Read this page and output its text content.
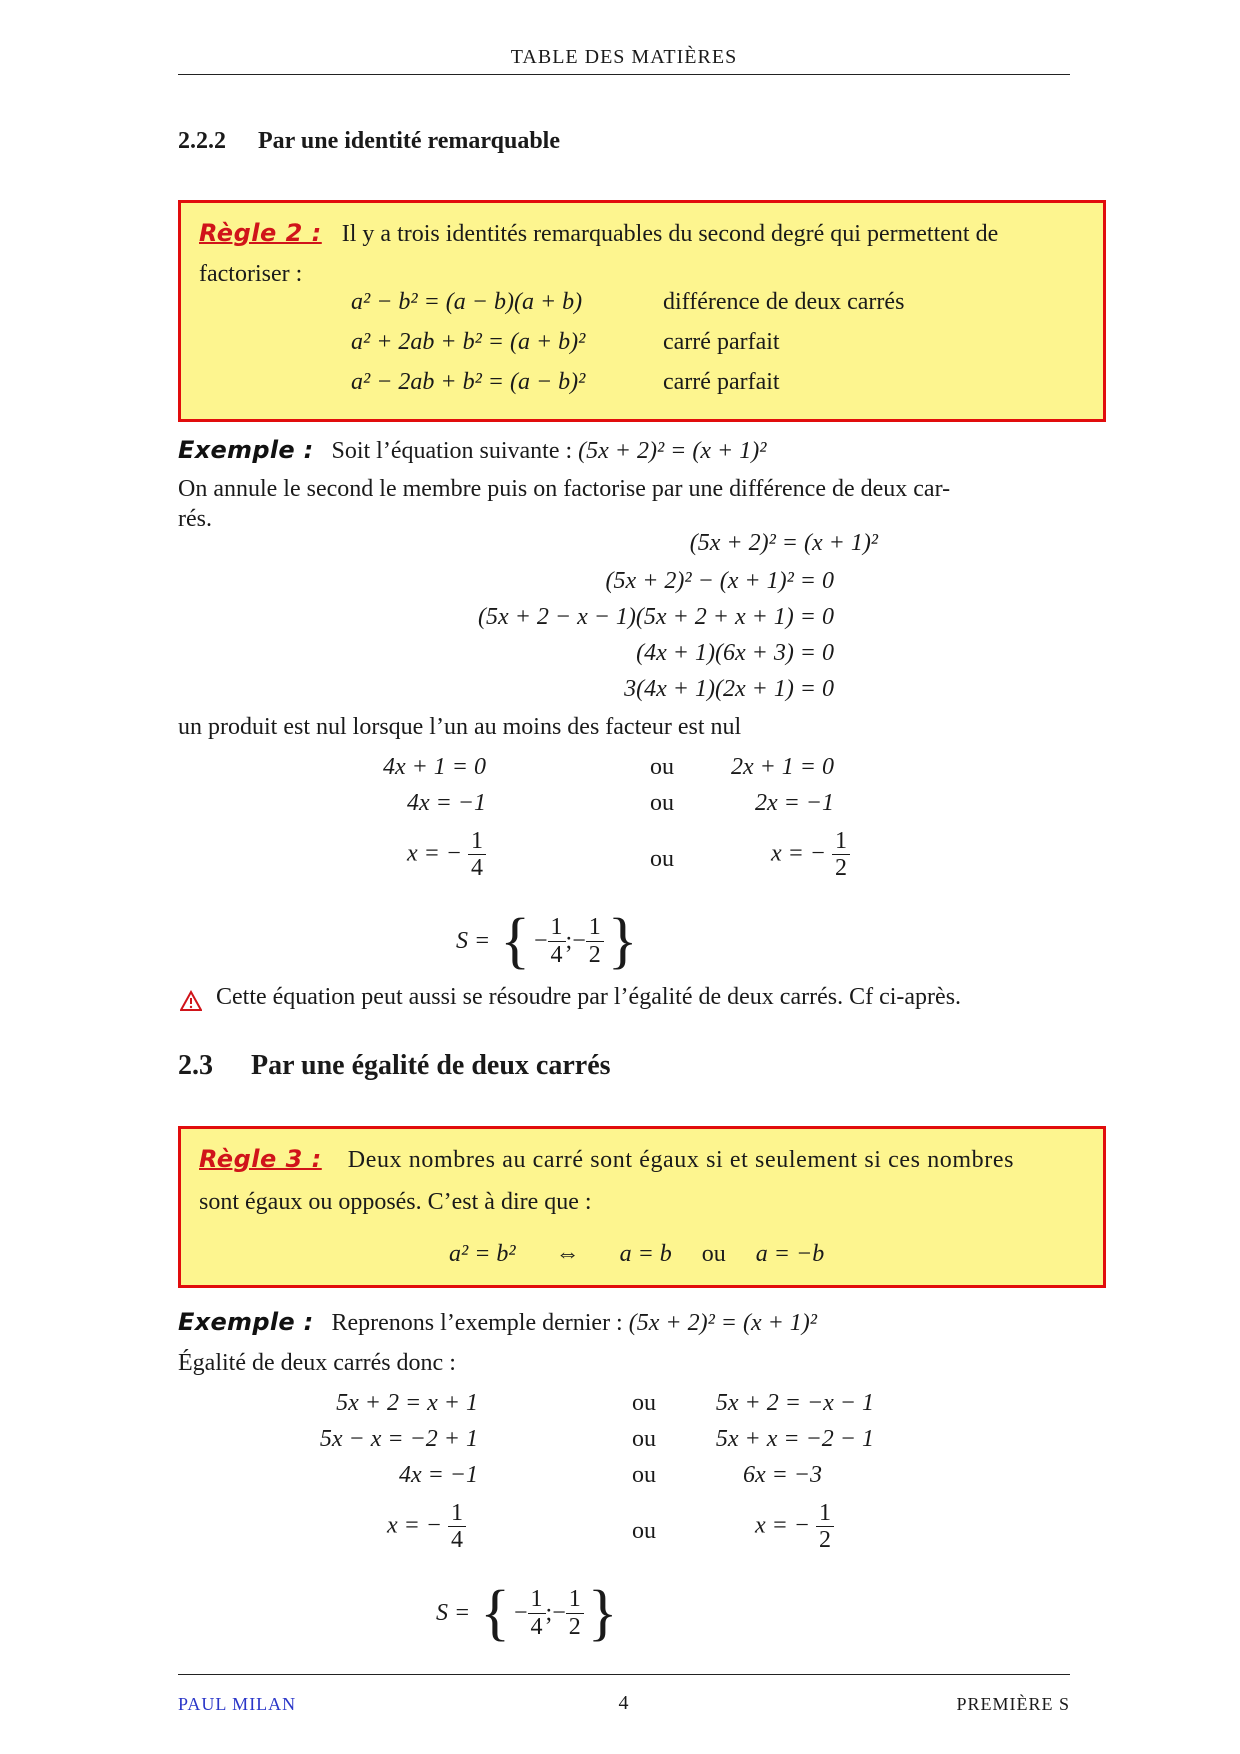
TABLE DES MATIÈRES
2.2.2 Par une identité remarquable
Règle 2 : Il y a trois identités remarquables du second degré qui permettent de
factoriser :
a² − b² = (a − b)(a + b)	différence de deux carrés
a² + 2ab + b² = (a + b)²	carré parfait
a² − 2ab + b² = (a − b)²	carré parfait
Exemple : Soit l’équation suivante : (5x + 2)² = (x + 1)²
On annule le second le membre puis on factorise par une différence de deux car-
rés.
(5x + 2)² = (x + 1)²
(5x + 2)² − (x + 1)² = 0
(5x + 2 − x − 1)(5x + 2 + x + 1) = 0
(4x + 1)(6x + 3) = 0
3(4x + 1)(2x + 1) = 0
un produit est nul lorsque l’un au moins des facteur est nul
4x + 1 = 0	ou 2x + 1 = 0
4x = −1	ou	2x = −1
x = − $\frac{1}{4}$	ou	x = − $\frac{1}{2}$
S = { − $\frac{1}{4}$ ; − $\frac{1}{2}$ }
Cette équation peut aussi se résoudre par l’égalité de deux carrés. Cf ci-après.
2.3 Par une égalité de deux carrés
Règle 3 : Deux nombres au carré sont égaux si et seulement si ces nombres
sont égaux ou opposés. C’est à dire que :
a² = b² ⇔ a = b ou a = −b
Exemple : Reprenons l’exemple dernier : (5x + 2)² = (x + 1)²
Égalité de deux carrés donc :
5x + 2 = x + 1	ou 5x + 2 = −x − 1
5x − x = −2 + 1	ou 5x + x = −2 − 1
4x = −1	ou	6x = −3
x = − $\frac{1}{4}$	ou	x = − $\frac{1}{2}$
S = { − $\frac{1}{4}$ ; − $\frac{1}{2}$ }
PAUL MILAN	4	PREMIÈRE S
